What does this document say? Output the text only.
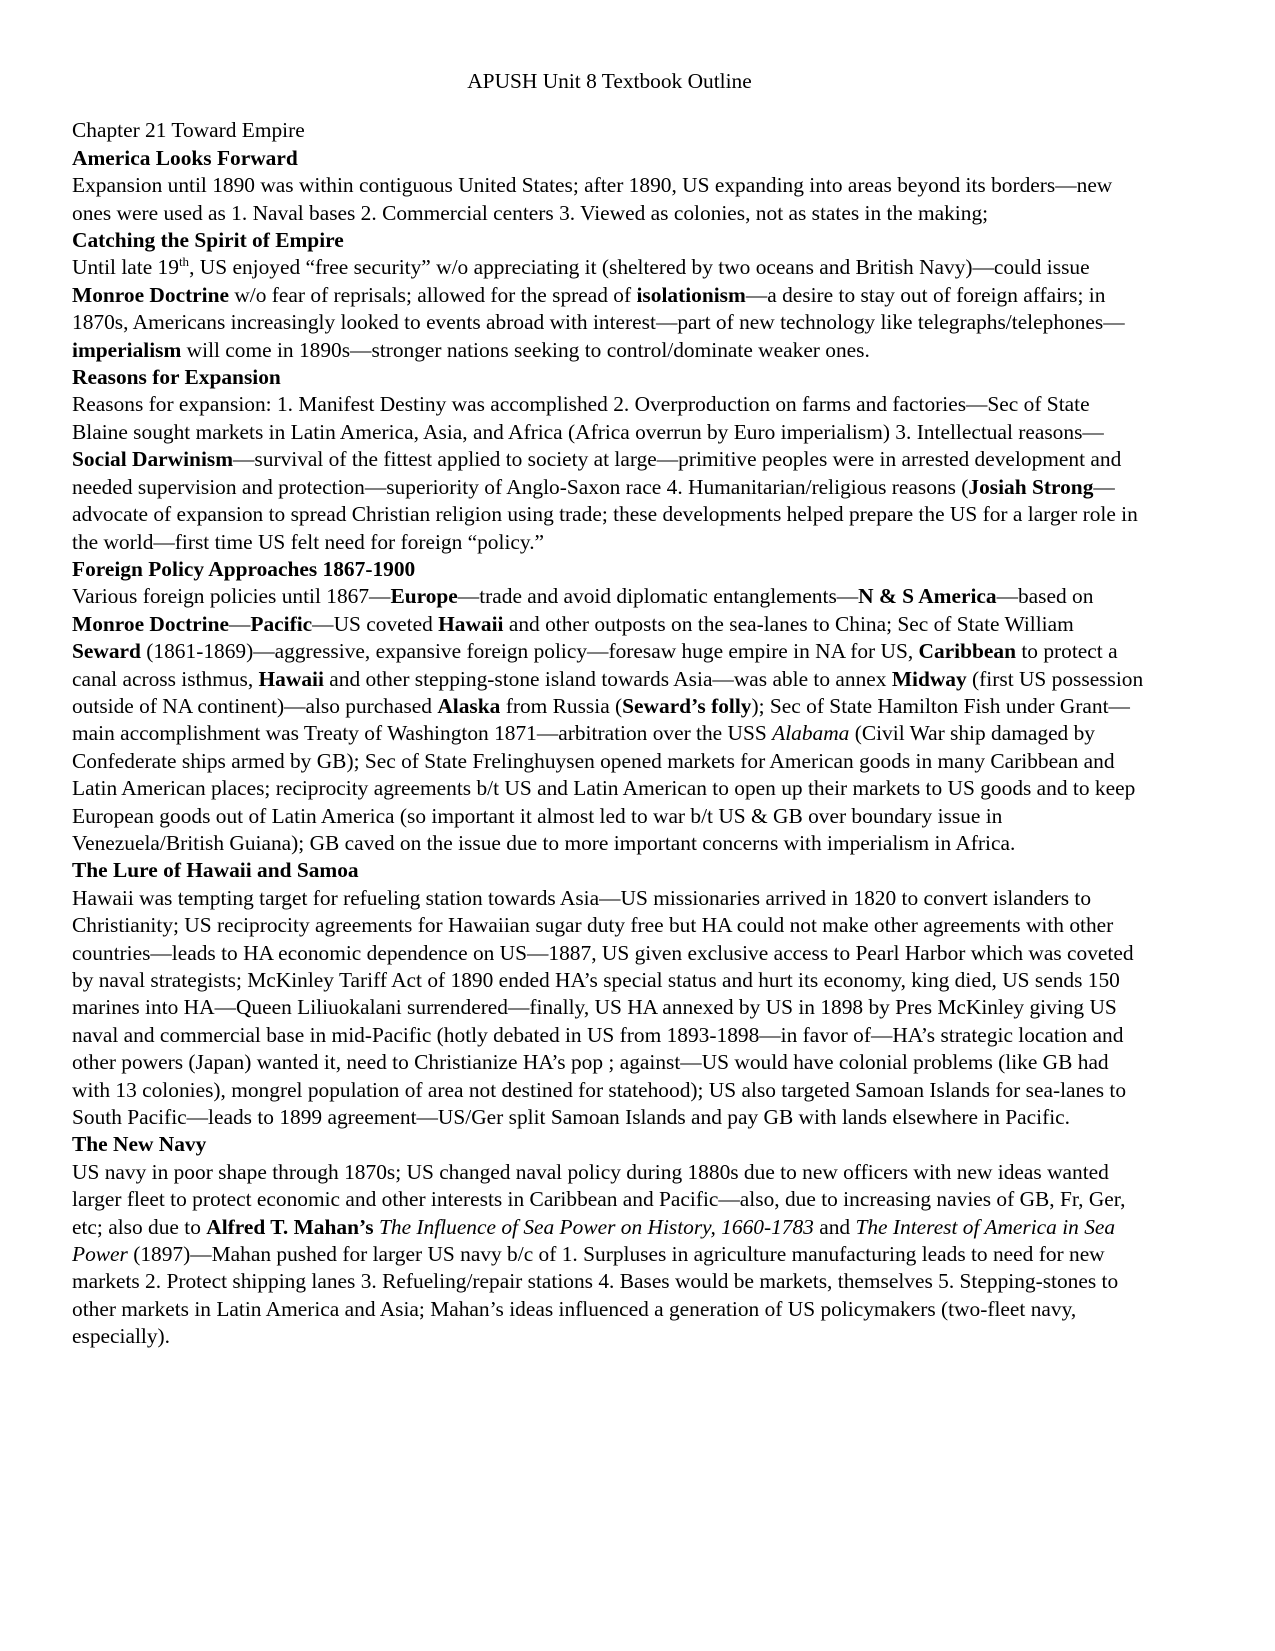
APUSH Unit 8 Textbook Outline

Chapter 21 Toward Empire

America Looks Forward

Expansion until 1890 was within contiguous United States; after 1890, US expanding into areas beyond its borders—new ones were used as 1. Naval bases 2. Commercial centers 3. Viewed as colonies, not as states in the making;

Catching the Spirit of Empire

Until late 19th, US enjoyed “free security” w/o appreciating it (sheltered by two oceans and British Navy)—could issue Monroe Doctrine w/o fear of reprisals; allowed for the spread of isolationism—a desire to stay out of foreign affairs; in 1870s, Americans increasingly looked to events abroad with interest—part of new technology like telegraphs/telephones—imperialism will come in 1890s—stronger nations seeking to control/dominate weaker ones.

Reasons for Expansion

Reasons for expansion: 1. Manifest Destiny was accomplished 2. Overproduction on farms and factories—Sec of State Blaine sought markets in Latin America, Asia, and Africa (Africa overrun by Euro imperialism) 3. Intellectual reasons—Social Darwinism—survival of the fittest applied to society at large—primitive peoples were in arrested development and needed supervision and protection—superiority of Anglo-Saxon race 4. Humanitarian/religious reasons (Josiah Strong—advocate of expansion to spread Christian religion using trade; these developments helped prepare the US for a larger role in the world—first time US felt need for foreign “policy.”

Foreign Policy Approaches 1867-1900

Various foreign policies until 1867—Europe—trade and avoid diplomatic entanglements—N & S America—based on Monroe Doctrine—Pacific—US coveted Hawaii and other outposts on the sea-lanes to China; Sec of State William Seward (1861-1869)—aggressive, expansive foreign policy—foresaw huge empire in NA for US, Caribbean to protect a canal across isthmus, Hawaii and other stepping-stone island towards Asia—was able to annex Midway (first US possession outside of NA continent)—also purchased Alaska from Russia (Seward’s folly); Sec of State Hamilton Fish under Grant—main accomplishment was Treaty of Washington 1871—arbitration over the USS Alabama (Civil War ship damaged by Confederate ships armed by GB); Sec of State Frelinghuysen opened markets for American goods in many Caribbean and Latin American places; reciprocity agreements b/t US and Latin American to open up their markets to US goods and to keep European goods out of Latin America (so important it almost led to war b/t US & GB over boundary issue in Venezuela/British Guiana); GB caved on the issue due to more important concerns with imperialism in Africa.

The Lure of Hawaii and Samoa

Hawaii was tempting target for refueling station towards Asia—US missionaries arrived in 1820 to convert islanders to Christianity; US reciprocity agreements for Hawaiian sugar duty free but HA could not make other agreements with other countries—leads to HA economic dependence on US—1887, US given exclusive access to Pearl Harbor which was coveted by naval strategists; McKinley Tariff Act of 1890 ended HA’s special status and hurt its economy, king died, US sends 150 marines into HA—Queen Liliuokalani surrendered—finally, US HA annexed by US in 1898 by Pres McKinley giving US naval and commercial base in mid-Pacific (hotly debated in US from 1893-1898—in favor of—HA’s strategic location and other powers (Japan) wanted it, need to Christianize HA’s pop ; against—US would have colonial problems (like GB had with 13 colonies), mongrel population of area not destined for statehood); US also targeted Samoan Islands for sea-lanes to South Pacific—leads to 1899 agreement—US/Ger split Samoan Islands and pay GB with lands elsewhere in Pacific.

The New Navy

US navy in poor shape through 1870s; US changed naval policy during 1880s due to new officers with new ideas wanted larger fleet to protect economic and other interests in Caribbean and Pacific—also, due to increasing navies of GB, Fr, Ger, etc; also due to Alfred T. Mahan’s The Influence of Sea Power on History, 1660-1783 and The Interest of America in Sea Power (1897)—Mahan pushed for larger US navy b/c of 1. Surpluses in agriculture manufacturing leads to need for new markets 2. Protect shipping lanes 3. Refueling/repair stations 4. Bases would be markets, themselves 5. Stepping-stones to other markets in Latin America and Asia; Mahan’s ideas influenced a generation of US policymakers (two-fleet navy, especially).
